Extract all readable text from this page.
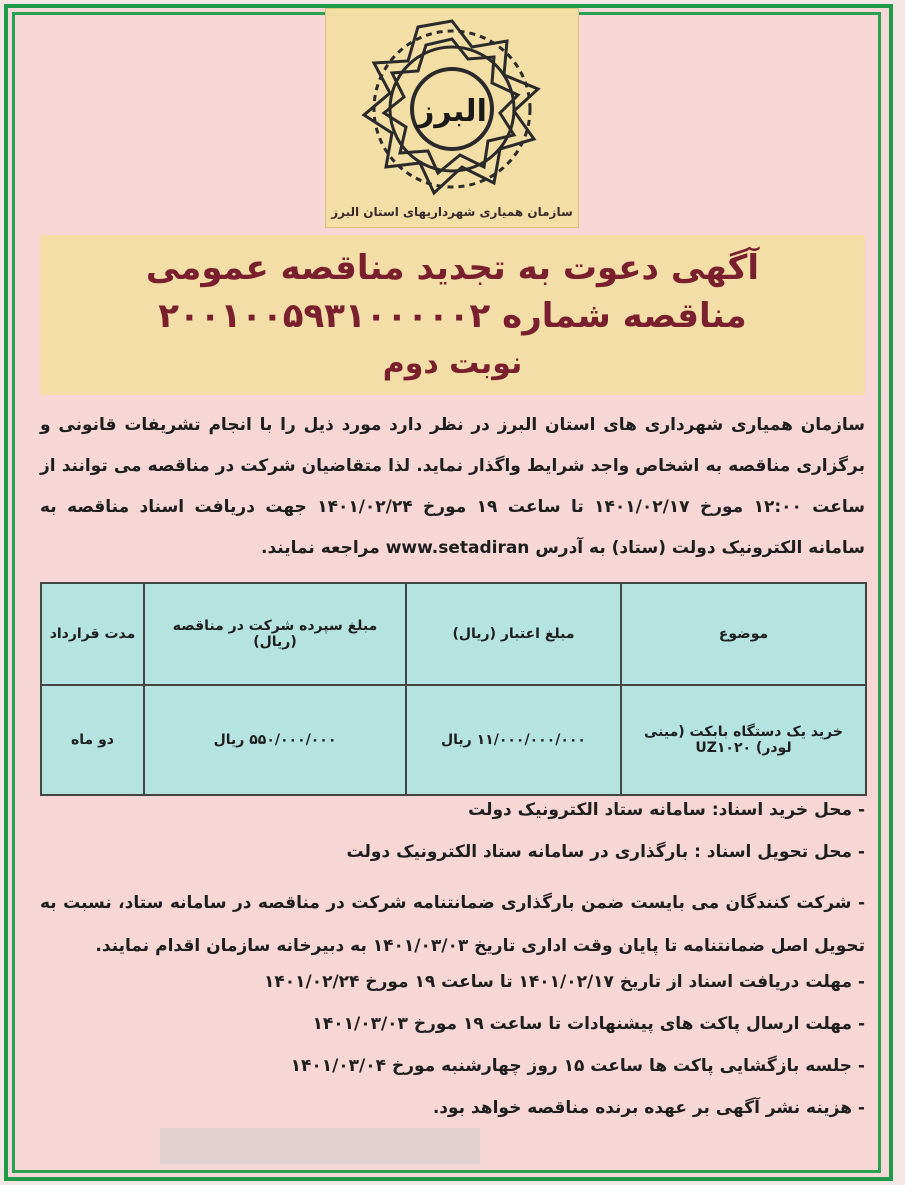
البرز
سازمان همیاری شهرداریهای استان البرز
آگهی دعوت به تجدید مناقصه عمومی
مناقصه شماره ۲۰۰۱۰۰۵۹۳۱۰۰۰۰۰۲
نوبت دوم
سازمان همیاری شهرداری های استان البرز در نظر دارد مورد ذیل را با انجام تشریفات قانونی و برگزاری مناقصه به اشخاص واجد شرایط واگذار نماید. لذا متقاضیان شرکت در مناقصه می توانند از ساعت ۱۲:۰۰ مورخ ۱۴۰۱/۰۲/۱۷ تا ساعت ۱۹ مورخ ۱۴۰۱/۰۲/۲۴ جهت دریافت اسناد مناقصه به سامانه الکترونیک دولت (ستاد) به آدرس www.setadiran مراجعه نمایند.
موضوع	مبلغ اعتبار (ریال)	مبلغ سپرده شرکت در مناقصه (ریال)	مدت قرارداد
خرید یک دستگاه بابکت (مینی لودر) UZ۱۰۲۰	۱۱/۰۰۰/۰۰۰/۰۰۰ ریال	۵۵۰/۰۰۰/۰۰۰ ریال	دو ماه
- محل خرید اسناد: سامانه ستاد الکترونیک دولت
- محل تحویل اسناد : بارگذاری در سامانه ستاد الکترونیک دولت
- شرکت کنندگان می بایست ضمن بارگذاری ضمانتنامه شرکت در مناقصه در سامانه ستاد، نسبت به تحویل اصل ضمانتنامه تا پایان وقت اداری تاریخ ۱۴۰۱/۰۳/۰۳ به دبیرخانه سازمان اقدام نمایند.
- مهلت دریافت اسناد از تاریخ ۱۴۰۱/۰۲/۱۷ تا ساعت ۱۹ مورخ ۱۴۰۱/۰۲/۲۴
- مهلت ارسال پاکت های پیشنهادات تا ساعت ۱۹ مورخ ۱۴۰۱/۰۳/۰۳
- جلسه بازگشایی پاکت ها ساعت ۱۵ روز چهارشنبه مورخ ۱۴۰۱/۰۳/۰۴
- هزینه نشر آگهی بر عهده برنده مناقصه خواهد بود.
